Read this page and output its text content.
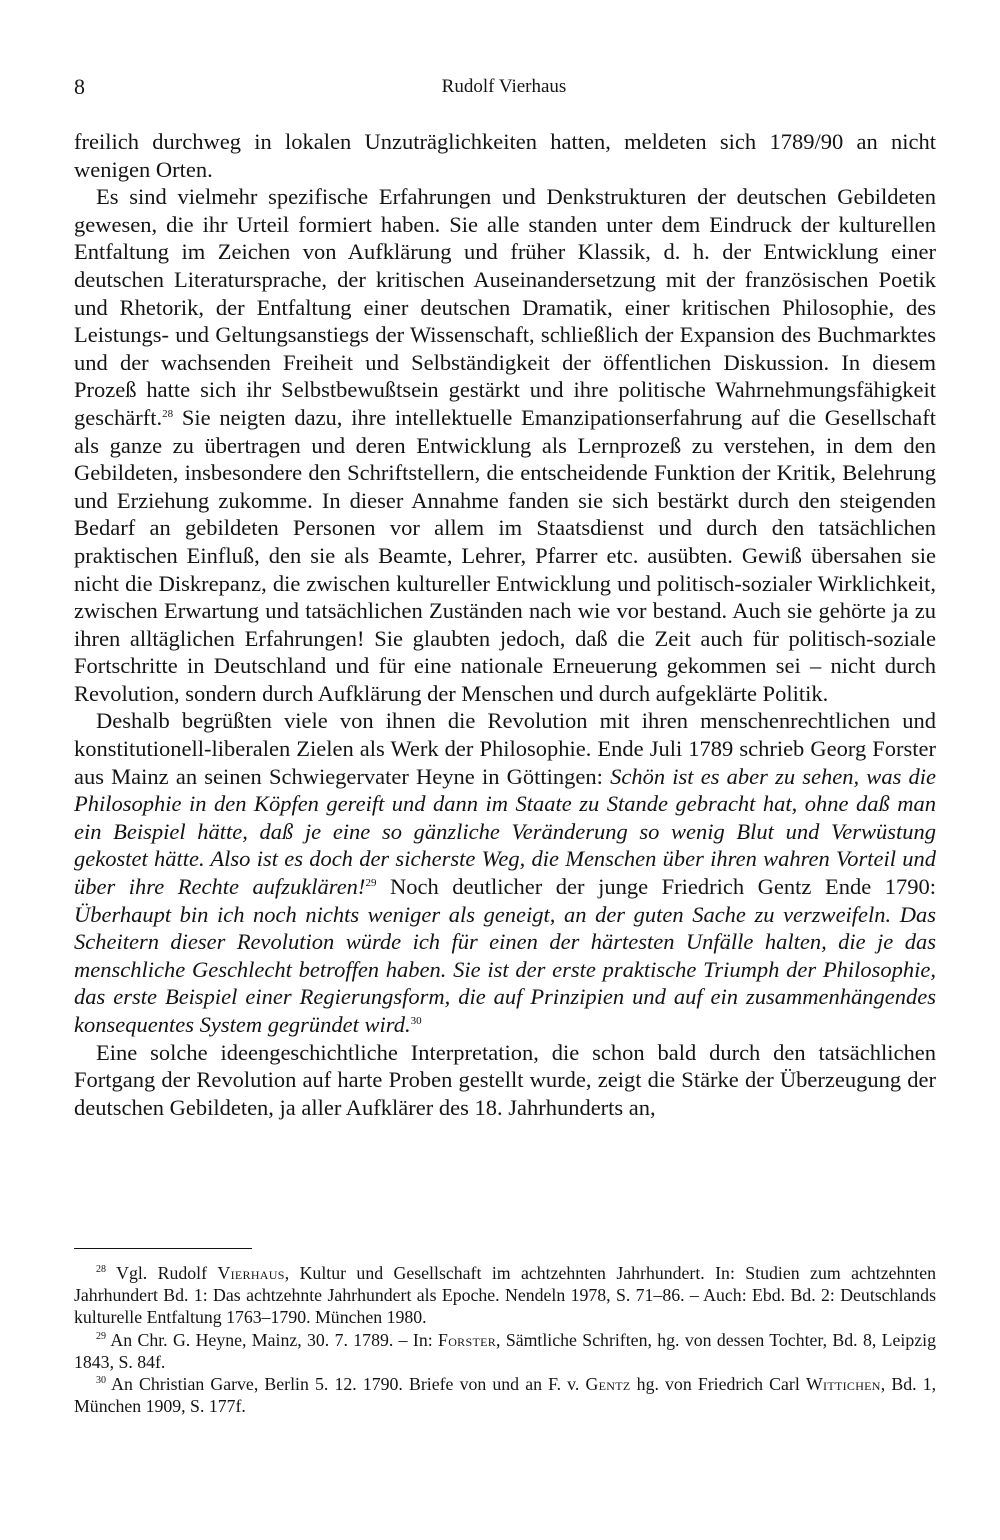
8	Rudolf Vierhaus

freilich durchweg in lokalen Unzuträglichkeiten hatten, meldeten sich 1789/90 an nicht wenigen Orten.

Es sind vielmehr spezifische Erfahrungen und Denkstrukturen der deutschen Gebildeten gewesen, die ihr Urteil formiert haben. Sie alle standen unter dem Eindruck der kulturellen Entfaltung im Zeichen von Aufklärung und früher Klassik, d. h. der Entwicklung einer deutschen Literatursprache, der kritischen Auseinandersetzung mit der französischen Poetik und Rhetorik, der Entfaltung einer deutschen Dramatik, einer kritischen Philosophie, des Leistungs- und Geltungsanstiegs der Wissenschaft, schließlich der Expansion des Buchmarktes und der wachsenden Freiheit und Selbständigkeit der öffentlichen Diskussion. In diesem Prozeß hatte sich ihr Selbstbewußtsein gestärkt und ihre politische Wahrnehmungsfähigkeit geschärft.$^{28}$ Sie neigten dazu, ihre intellektuelle Emanzipationserfahrung auf die Gesellschaft als ganze zu übertragen und deren Entwicklung als Lernprozeß zu verstehen, in dem den Gebildeten, insbesondere den Schriftstellern, die entscheidende Funktion der Kritik, Belehrung und Erziehung zukomme. In dieser Annahme fanden sie sich bestärkt durch den steigenden Bedarf an gebildeten Personen vor allem im Staatsdienst und durch den tatsächlichen praktischen Einfluß, den sie als Beamte, Lehrer, Pfarrer etc. ausübten. Gewiß übersahen sie nicht die Diskrepanz, die zwischen kultureller Entwicklung und politisch-sozialer Wirklichkeit, zwischen Erwartung und tatsächlichen Zuständen nach wie vor bestand. Auch sie gehörte ja zu ihren alltäglichen Erfahrungen! Sie glaubten jedoch, daß die Zeit auch für politisch-soziale Fortschritte in Deutschland und für eine nationale Erneuerung gekommen sei – nicht durch Revolution, sondern durch Aufklärung der Menschen und durch aufgeklärte Politik.

Deshalb begrüßten viele von ihnen die Revolution mit ihren menschenrechtlichen und konstitutionell-liberalen Zielen als Werk der Philosophie. Ende Juli 1789 schrieb Georg Forster aus Mainz an seinen Schwiegervater Heyne in Göttingen: Schön ist es aber zu sehen, was die Philosophie in den Köpfen gereift und dann im Staate zu Stande gebracht hat, ohne daß man ein Beispiel hätte, daß je eine so gänzliche Veränderung so wenig Blut und Verwüstung gekostet hätte. Also ist es doch der sicherste Weg, die Menschen über ihren wahren Vorteil und über ihre Rechte aufzuklären!$^{29}$ Noch deutlicher der junge Friedrich Gentz Ende 1790: Überhaupt bin ich noch nichts weniger als geneigt, an der guten Sache zu verzweifeln. Das Scheitern dieser Revolution würde ich für einen der härtesten Unfälle halten, die je das menschliche Geschlecht betroffen haben. Sie ist der erste praktische Triumph der Philosophie, das erste Beispiel einer Regierungsform, die auf Prinzipien und auf ein zusammenhängendes konsequentes System gegründet wird.$^{30}$

Eine solche ideengeschichtliche Interpretation, die schon bald durch den tatsächlichen Fortgang der Revolution auf harte Proben gestellt wurde, zeigt die Stärke der Überzeugung der deutschen Gebildeten, ja aller Aufklärer des 18. Jahrhunderts an,

$^{28}$ Vgl. Rudolf Vierhaus, Kultur und Gesellschaft im achtzehnten Jahrhundert. In: Studien zum achtzehnten Jahrhundert Bd. 1: Das achtzehnte Jahrhundert als Epoche. Nendeln 1978, S. 71–86. – Auch: Ebd. Bd. 2: Deutschlands kulturelle Entfaltung 1763–1790. München 1980.

$^{29}$ An Chr. G. Heyne, Mainz, 30. 7. 1789. – In: Forster, Sämtliche Schriften, hg. von dessen Tochter, Bd. 8, Leipzig 1843, S. 84f.

$^{30}$ An Christian Garve, Berlin 5. 12. 1790. Briefe von und an F. v. Gentz hg. von Friedrich Carl Wittichen, Bd. 1, München 1909, S. 177f.
